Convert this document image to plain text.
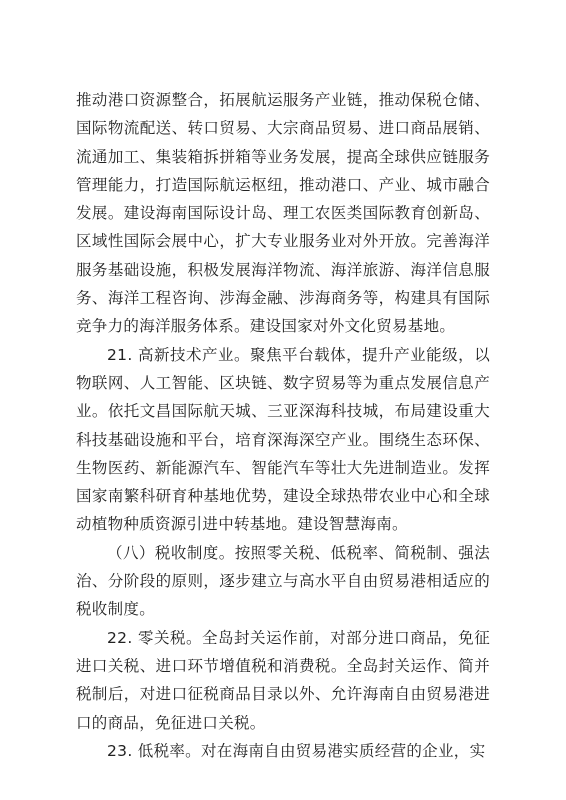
推动港口资源整合，拓展航运服务产业链，推动保税仓储、国际物流配送、转口贸易、大宗商品贸易、进口商品展销、流通加工、集装箱拆拼箱等业务发展，提高全球供应链服务管理能力，打造国际航运枢纽，推动港口、产业、城市融合发展。建设海南国际设计岛、理工农医类国际教育创新岛、区域性国际会展中心，扩大专业服务业对外开放。完善海洋服务基础设施，积极发展海洋物流、海洋旅游、海洋信息服务、海洋工程咨询、涉海金融、涉海商务等，构建具有国际竞争力的海洋服务体系。建设国家对外文化贸易基地。

21. 高新技术产业。聚焦平台载体，提升产业能级，以物联网、人工智能、区块链、数字贸易等为重点发展信息产业。依托文昌国际航天城、三亚深海科技城，布局建设重大科技基础设施和平台，培育深海深空产业。围绕生态环保、生物医药、新能源汽车、智能汽车等壮大先进制造业。发挥国家南繁科研育种基地优势，建设全球热带农业中心和全球动植物种质资源引进中转基地。建设智慧海南。

（八）税收制度。按照零关税、低税率、简税制、强法治、分阶段的原则，逐步建立与高水平自由贸易港相适应的税收制度。

22. 零关税。全岛封关运作前，对部分进口商品，免征进口关税、进口环节增值税和消费税。全岛封关运作、简并税制后，对进口征税商品目录以外、允许海南自由贸易港进口的商品，免征进口关税。

23. 低税率。对在海南自由贸易港实质经营的企业，实
